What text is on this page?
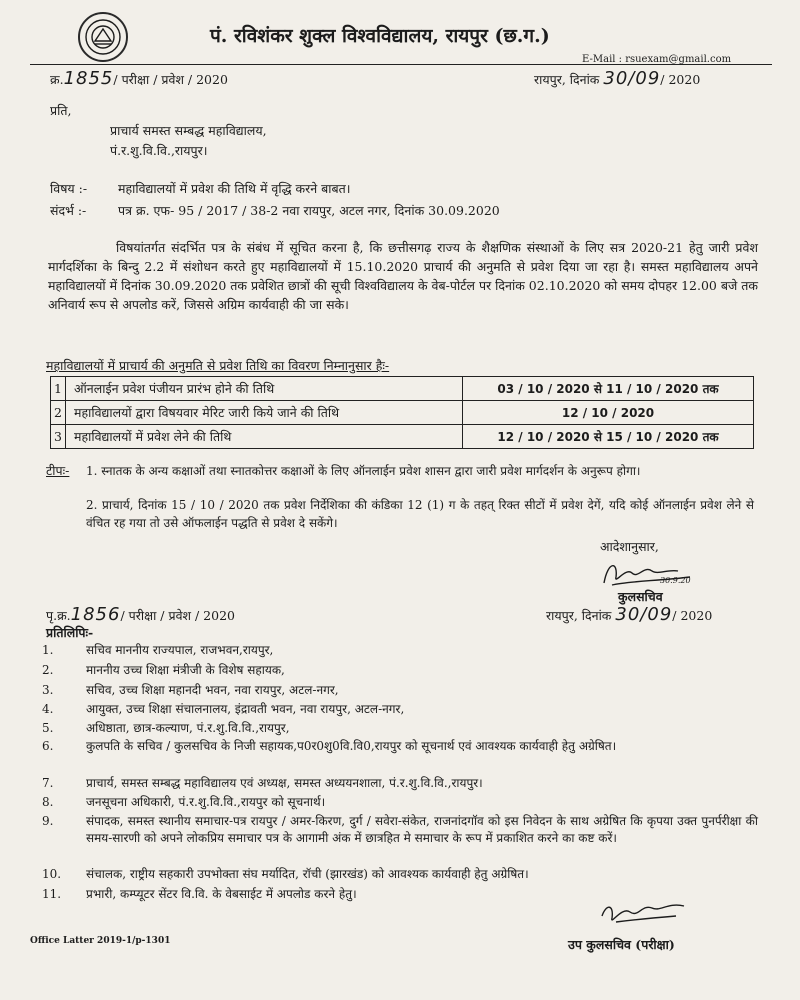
पं. रविशंकर शुक्ल विश्वविद्यालय, रायपुर (छ.ग.)
E-Mail : rsuexam@gmail.com
क्र.1855/ परीक्षा / प्रवेश / 2020	रायपुर, दिनांक 30/09/ 2020
प्रति,
प्राचार्य समस्त सम्बद्ध महाविद्यालय,
पं.र.शु.वि.वि.,रायपुर।
विषय :- महाविद्यालयों में प्रवेश की तिथि में वृद्धि करने बाबत।
संदर्भ :-	पत्र क्र. एफ- 95 / 2017 / 38-2 नवा रायपुर, अटल नगर, दिनांक 30.09.2020
विषयांतर्गत संदर्भित पत्र के संबंध में सूचित करना है, कि छत्तीसगढ़ राज्य के शैक्षणिक संस्थाओं के लिए सत्र 2020-21 हेतु जारी प्रवेश मार्गदर्शिका के बिन्दु 2.2 में संशोधन करते हुए महाविद्यालयों में 15.10.2020 प्राचार्य की अनुमति से प्रवेश दिया जा रहा है। समस्त महाविद्यालय अपने महाविद्यालयों में दिनांक 30.09.2020 तक प्रवेशित छात्रों की सूची विश्वविद्यालय के वेब-पोर्टल पर दिनांक 02.10.2020 को समय दोपहर 12.00 बजे तक अनिवार्य रूप से अपलोड करें, जिससे अग्रिम कार्यवाही की जा सके।
महाविद्यालयों में प्राचार्य की अनुमति से प्रवेश तिथि का विवरण निम्नानुसार हैः-
1	ऑनलाईन प्रवेश पंजीयन प्रारंभ होने की तिथि	03 / 10 / 2020 से 11 / 10 / 2020 तक
2	महाविद्यालयों द्वारा विषयवार मेरिट जारी किये जाने की तिथि	12 / 10 / 2020
3	महाविद्यालयों में प्रवेश लेने की तिथि	12 / 10 / 2020 से 15 / 10 / 2020 तक
टीपः- 1. स्नातक के अन्य कक्षाओं तथा स्नातकोत्तर कक्षाओं के लिए ऑनलाईन प्रवेश शासन द्वारा जारी प्रवेश मार्गदर्शन के अनुरूप होगा।
2. प्राचार्य, दिनांक 15 / 10 / 2020 तक प्रवेश निर्देशिका की कंडिका 12 (1) ग के तहत् रिक्त सीटों में प्रवेश देगें, यदि कोई ऑनलाईन प्रवेश लेने से वंचित रह गया तो उसे ऑफलाईन पद्धति से प्रवेश दे सकेंगे।
आदेशानुसार,
30.9.20
कुलसचिव
पृ.क्र.1856/ परीक्षा / प्रवेश / 2020	रायपुर, दिनांक 30/09/ 2020
प्रतिलिपिः-
1.	सचिव माननीय राज्यपाल, राजभवन,रायपुर,
2.	माननीय उच्च शिक्षा मंत्रीजी के विशेष सहायक,
3.	सचिव, उच्च शिक्षा महानदी भवन, नवा रायपुर, अटल-नगर,
4.	आयुक्त, उच्च शिक्षा संचालनालय, इंद्रावती भवन, नवा रायपुर, अटल-नगर,
5.	अधिष्ठाता, छात्र-कल्याण, पं.र.शु.वि.वि.,रायपुर,
6.	कुलपति के सचिव / कुलसचिव के निजी सहायक,प0र0शु0वि.वि0,रायपुर को सूचनार्थ एवं आवश्यक कार्यवाही हेतु अग्रेषित।
7.	प्राचार्य, समस्त सम्बद्ध महाविद्यालय एवं अध्यक्ष, समस्त अध्ययनशाला, पं.र.शु.वि.वि.,रायपुर।
8.	जनसूचना अधिकारी, पं.र.शु.वि.वि.,रायपुर को सूचनार्थ।
9.	संपादक, समस्त स्थानीय समाचार-पत्र रायपुर / अमर-किरण, दुर्ग / सवेरा-संकेत, राजनांदगॉव को इस निवेदन के साथ अग्रेषित कि कृपया उक्त पुनर्परीक्षा की समय-सारणी को अपने लोकप्रिय समाचार पत्र के आगामी अंक में छात्रहित मे समाचार के रूप में प्रकाशित करने का कष्ट करें।
10. संचालक, राष्ट्रीय सहकारी उपभोक्ता संघ मर्यादित, रॉची (झारखंड) को आवश्यक कार्यवाही हेतु अग्रेषित।
11. प्रभारी, कम्प्यूटर सेंटर वि.वि. के वेबसाईट में अपलोड करने हेतु।
उप कुलसचिव (परीक्षा)
Office Latter 2019-1/p-1301
